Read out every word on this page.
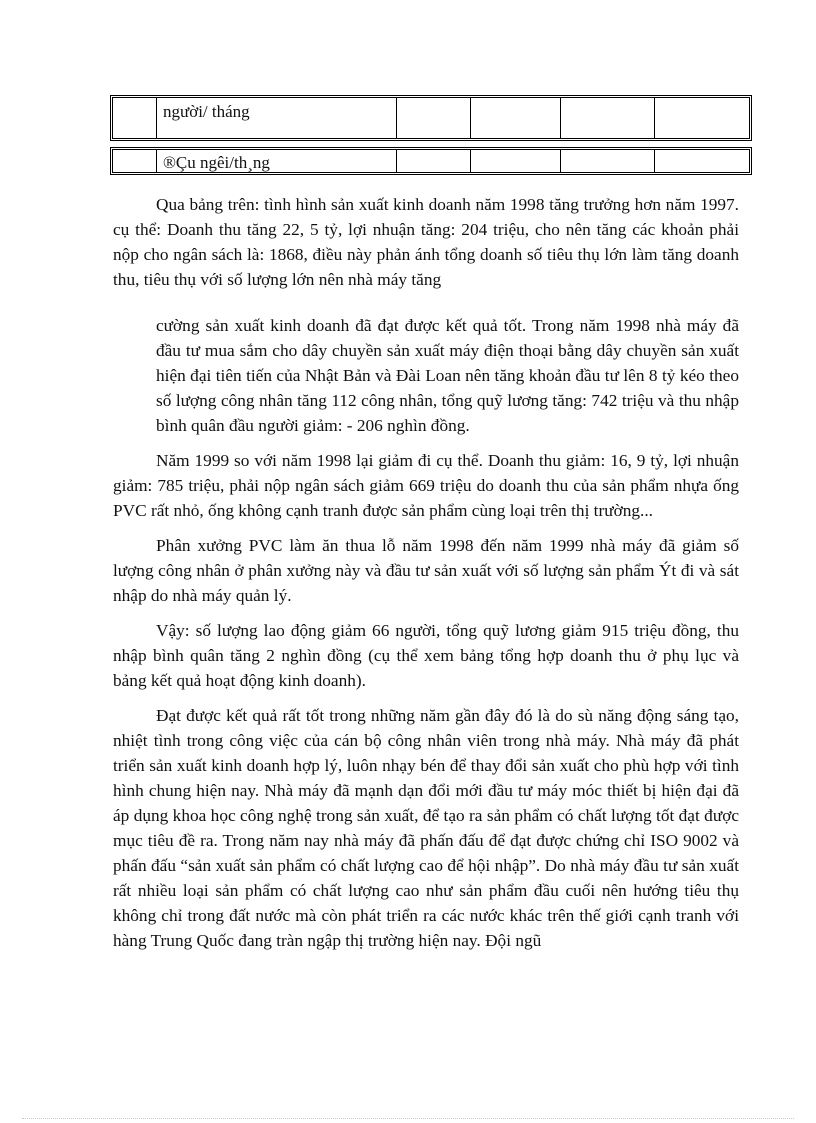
người/ tháng
®Çu ngêi/th¸ng

Qua bảng trên: tình hình sản xuất kinh doanh năm 1998 tăng trưởng hơn năm 1997. cụ thể: Doanh thu tăng 22, 5 tỷ, lợi nhuận tăng: 204 triệu, cho nên tăng các khoản phải nộp cho ngân sách là: 1868, điều này phản ánh tổng doanh số tiêu thụ lớn làm tăng doanh thu, tiêu thụ với số lượng lớn nên nhà máy tăng

cường sản xuất kinh doanh đã đạt được kết quả tốt. Trong năm 1998 nhà máy đã đầu tư mua sắm cho dây chuyền sản xuất máy điện thoại bằng dây chuyền sản xuất hiện đại tiên tiến của Nhật Bản và Đài Loan nên tăng khoản đầu tư lên 8 tỷ kéo theo số lượng công nhân tăng 112 công nhân, tổng quỹ lương tăng: 742 triệu và thu nhập bình quân đầu người giảm: - 206 nghìn đồng.

Năm 1999 so với năm 1998 lại giảm đi cụ thể. Doanh thu giảm: 16, 9 tỷ, lợi nhuận giảm: 785 triệu, phải nộp ngân sách giảm 669 triệu do doanh thu của sản phẩm nhựa ống PVC rất nhỏ, ống không cạnh tranh được sản phẩm cùng loại trên thị trường...

Phân xưởng PVC làm ăn thua lỗ năm 1998 đến năm 1999 nhà máy đã giảm số lượng công nhân ở phân xưởng này và đầu tư sản xuất với số lượng sản phẩm Ýt đi và sát nhập do nhà máy quản lý.

Vậy: số lượng lao động giảm 66 người, tổng quỹ lương giảm 915 triệu đồng, thu nhập bình quân tăng 2 nghìn đồng (cụ thể xem bảng tổng hợp doanh thu ở phụ lục và bảng kết quả hoạt động kinh doanh).

Đạt được kết quả rất tốt trong những năm gần đây đó là do sù năng động sáng tạo, nhiệt tình trong công việc của cán bộ công nhân viên trong nhà máy. Nhà máy đã phát triển sản xuất kinh doanh hợp lý, luôn nhạy bén để thay đổi sản xuất cho phù hợp với tình hình chung hiện nay. Nhà máy đã mạnh dạn đổi mới đầu tư máy móc thiết bị hiện đại đã áp dụng khoa học công nghệ trong sản xuất, để tạo ra sản phẩm có chất lượng tốt đạt được mục tiêu đề ra. Trong năm nay nhà máy đã phấn đấu để đạt được chứng chỉ ISO 9002 và phấn đấu “sản xuất sản phẩm có chất lượng cao để hội nhập”. Do nhà máy đầu tư sản xuất rất nhiều loại sản phẩm có chất lượng cao như sản phẩm đầu cuối nên hướng tiêu thụ không chỉ trong đất nước mà còn phát triển ra các nước khác trên thế giới cạnh tranh với hàng Trung Quốc đang tràn ngập thị trường hiện nay. Đội ngũ
